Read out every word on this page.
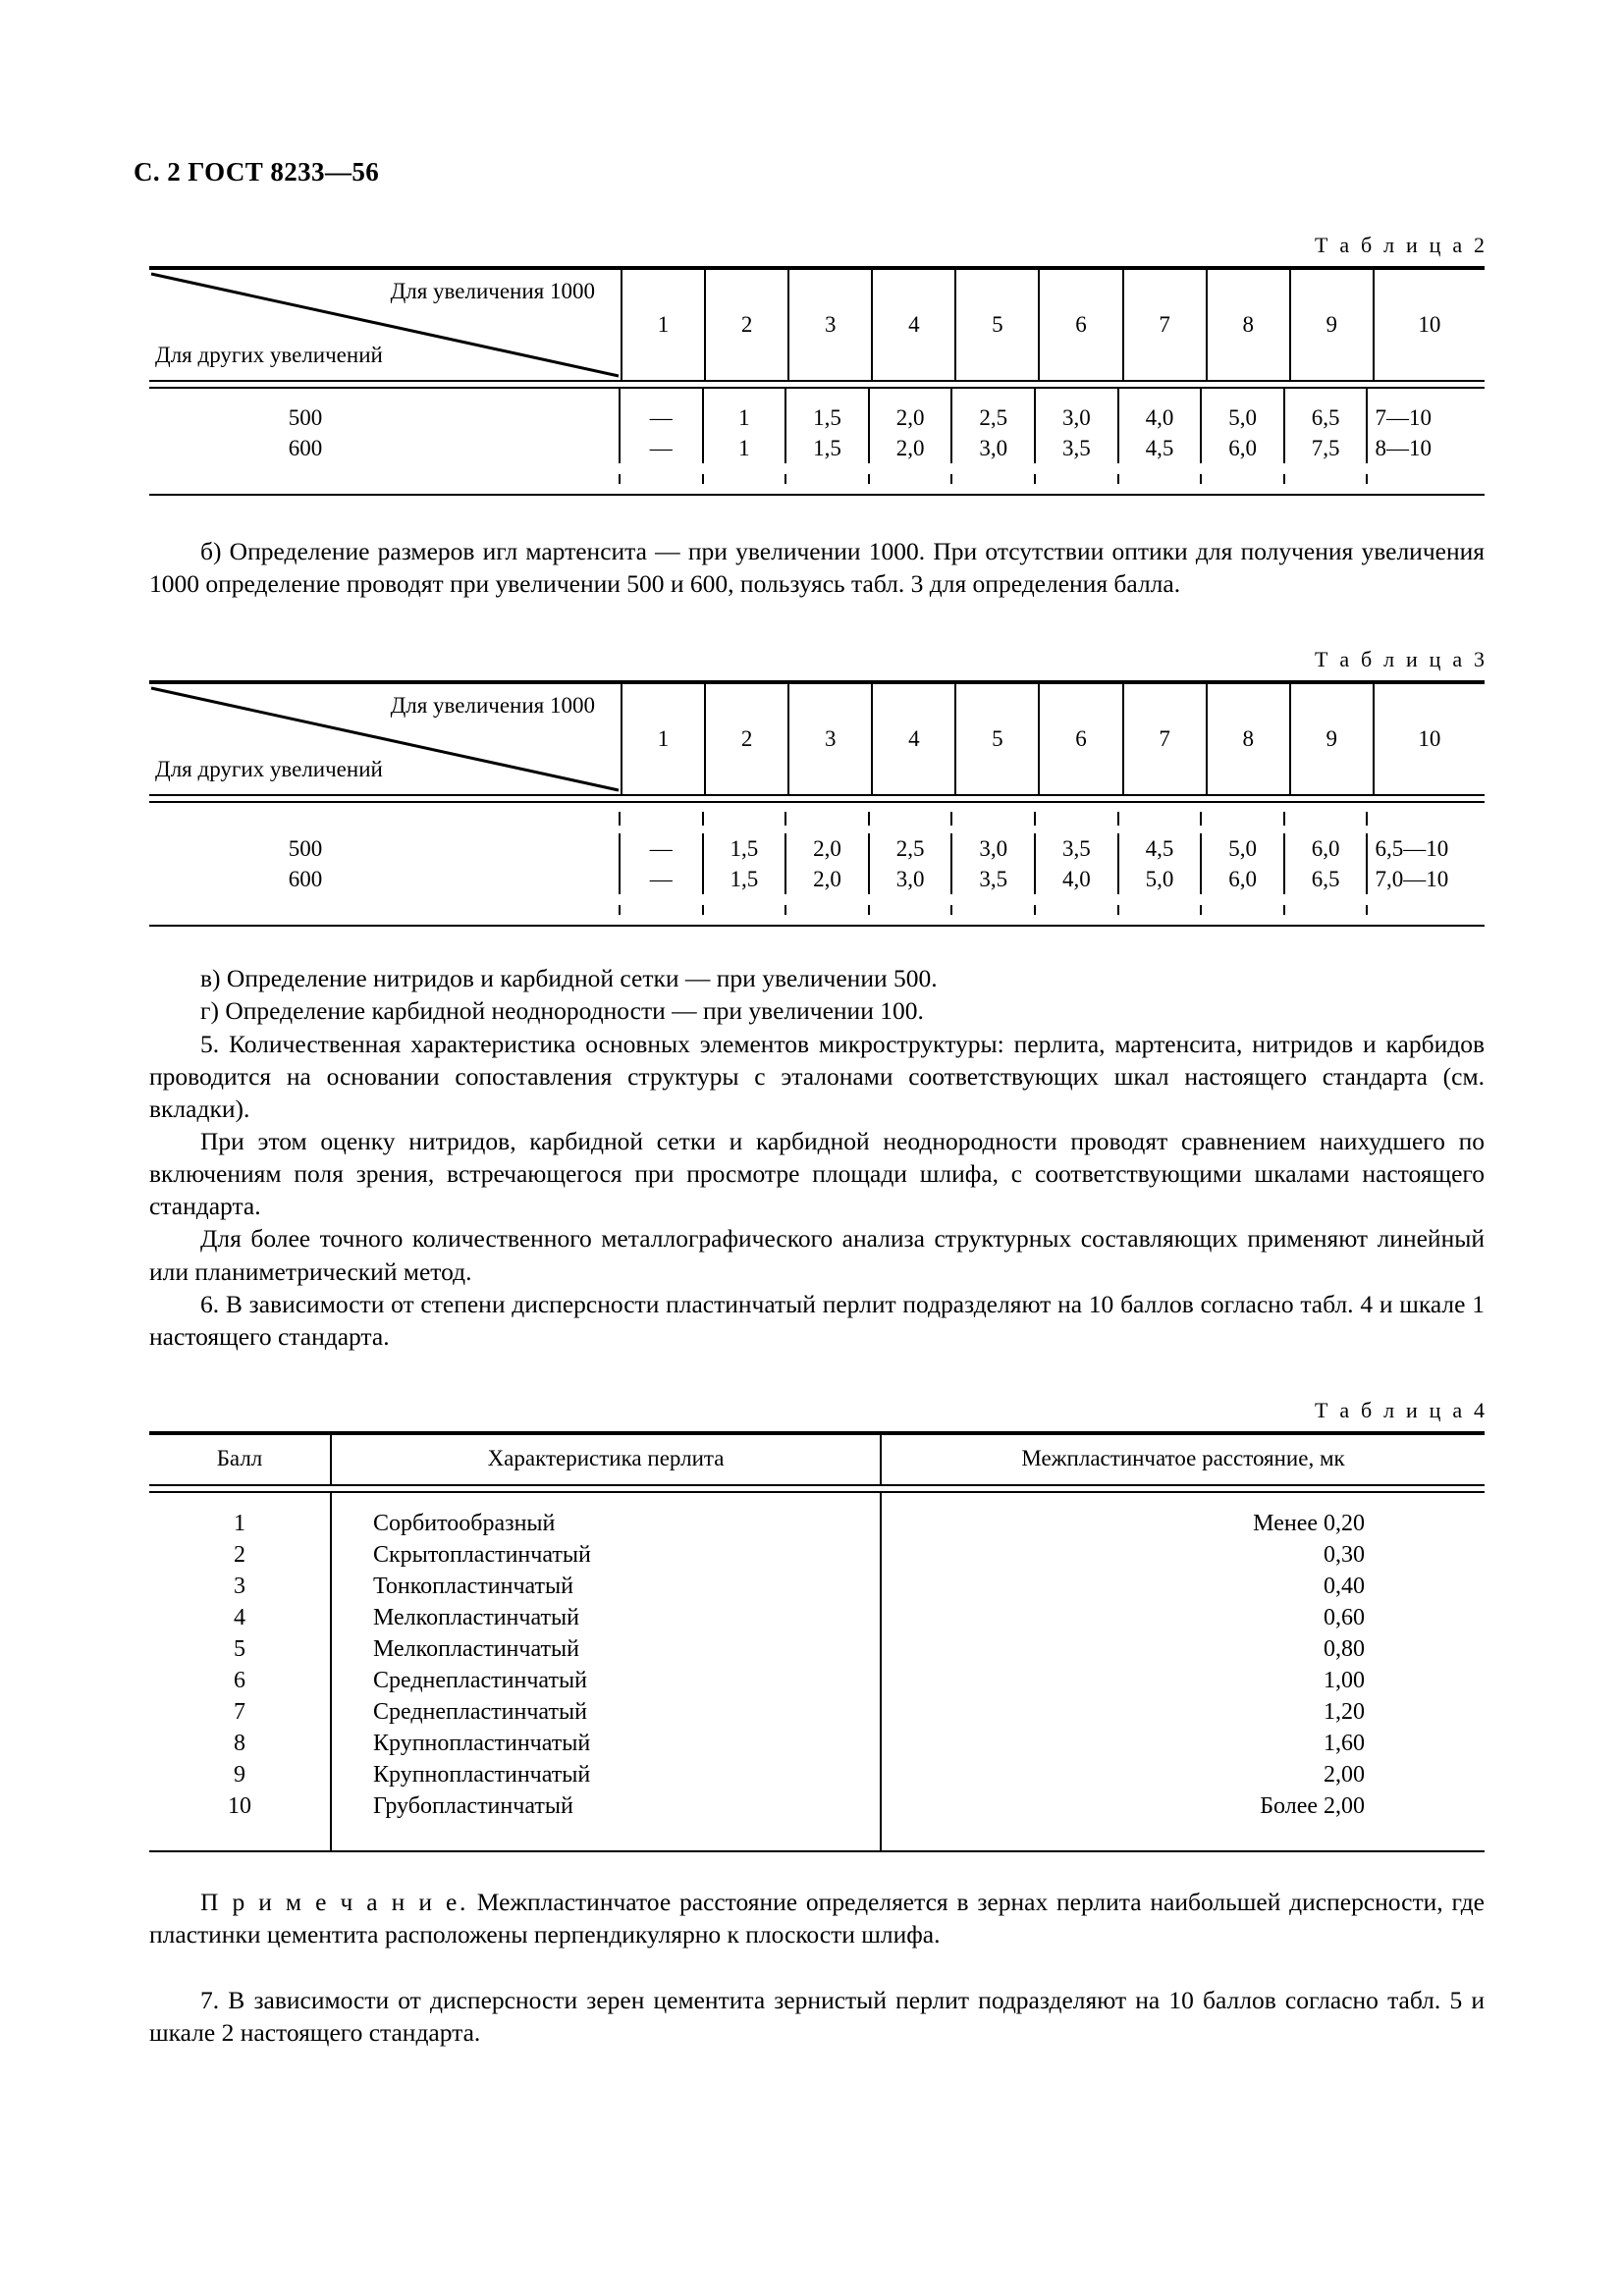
С. 2 ГОСТ 8233—56
Т а б л и ц а 2
Для увеличения 1000
Для других увеличений
1	2	3	4	5	6	7	8	9	10
500	—	1	1,5	2,0	2,5	3,0	4,0	5,0	6,5	7—10
600	—	1	1,5	2,0	3,0	3,5	4,5	6,0	7,5	8—10

б) Определение размеров игл мартенсита — при увеличении 1000. При отсутствии оптики для получения увеличения 1000 определение проводят при увеличении 500 и 600, пользуясь табл. 3 для определения балла.

Т а б л и ц а 3
Для увеличения 1000
Для других увеличений
1	2	3	4	5	6	7	8	9	10
500	—	1,5	2,0	2,5	3,0	3,5	4,5	5,0	6,0	6,5—10
600	—	1,5	2,0	3,0	3,5	4,0	5,0	6,0	6,5	7,0—10

в) Определение нитридов и карбидной сетки — при увеличении 500.

г) Определение карбидной неоднородности — при увеличении 100.

5. Количественная характеристика основных элементов микроструктуры: перлита, мартенсита, нитридов и карбидов проводится на основании сопоставления структуры с эталонами соответствующих шкал настоящего стандарта (см. вкладки).

При этом оценку нитридов, карбидной сетки и карбидной неоднородности проводят сравнением наихудшего по включениям поля зрения, встречающегося при просмотре площади шлифа, с соответствующими шкалами настоящего стандарта.

Для более точного количественного металлографического анализа структурных составляющих применяют линейный или планиметрический метод.

6. В зависимости от степени дисперсности пластинчатый перлит подразделяют на 10 баллов согласно табл. 4 и шкале 1 настоящего стандарта.

Т а б л и ц а 4
Балл	Характеристика перлита	Межпластинчатое расстояние, мк

1	Сорбитообразный	Менее 0,20
2	Скрытопластинчатый	0,30
3	Тонкопластинчатый	0,40
4	Мелкопластинчатый	0,60
5	Мелкопластинчатый	0,80
6	Среднепластинчатый	1,00
7	Среднепластинчатый	1,20
8	Крупнопластинчатый	1,60
9	Крупнопластинчатый	2,00
10	Грубопластинчатый	Более 2,00

П р и м е ч а н и е. Межпластинчатое расстояние определяется в зернах перлита наибольшей дисперсности, где пластинки цементита расположены перпендикулярно к плоскости шлифа.

7. В зависимости от дисперсности зерен цементита зернистый перлит подразделяют на 10 баллов согласно табл. 5 и шкале 2 настоящего стандарта.
